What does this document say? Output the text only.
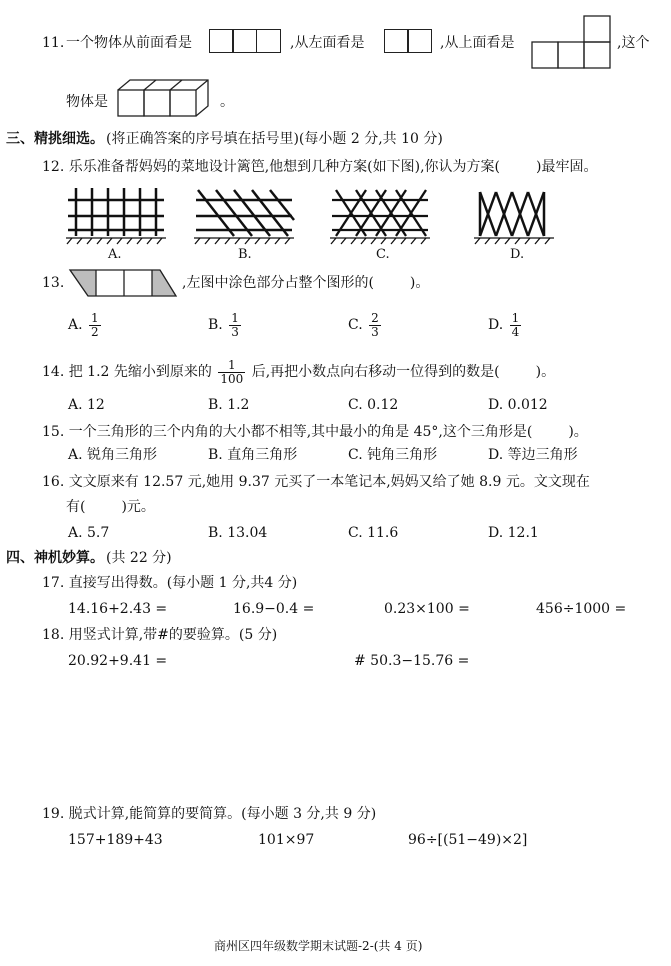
11. 一个物体从前面看是	,从左面看是	,从上面看是	,这个
物体是	。
三、精挑细选。 (将正确答案的序号填在括号里)(每小题 2 分,共 10 分)
12. 乐乐准备帮妈妈的菜地设计篱笆,他想到几种方案(如下图),你认为方案(	)最牢固。
A.	B.	C.	D.
13.	,左图中涂色部分占整个图形的(	)。
A. $\frac{1}{2}$	B. $\frac{1}{3}$	C. $\frac{2}{3}$	D. $\frac{1}{4}$
14. 把 1.2 先缩小到原来的 $\frac{1}{100}$ 后,再把小数点向右移动一位得到的数是(	)。
A. 12	B. 1.2	C. 0.12	D. 0.012
15. 一个三角形的三个内角的大小都不相等,其中最小的角是 45°,这个三角形是(	)。
A. 锐角三角形	B. 直角三角形	C. 钝角三角形	D. 等边三角形
16. 文文原来有 12.57 元,她用 9.37 元买了一本笔记本,妈妈又给了她 8.9 元。文文现在
有(	)元。
A. 5.7	B. 13.04	C. 11.6	D. 12.1
四、神机妙算。 (共 22 分)
17. 直接写出得数。(每小题 1 分,共4 分)
14.16+2.43 =	16.9−0.4 =	0.23×100 =	456÷1000 =
18. 用竖式计算,带#的要验算。(5 分)
20.92+9.41 =	# 50.3−15.76 =
19. 脱式计算,能简算的要简算。(每小题 3 分,共 9 分)
157+189+43	101×97	96÷[(51−49)×2]
商州区四年级数学期末试题-2-(共 4 页)
